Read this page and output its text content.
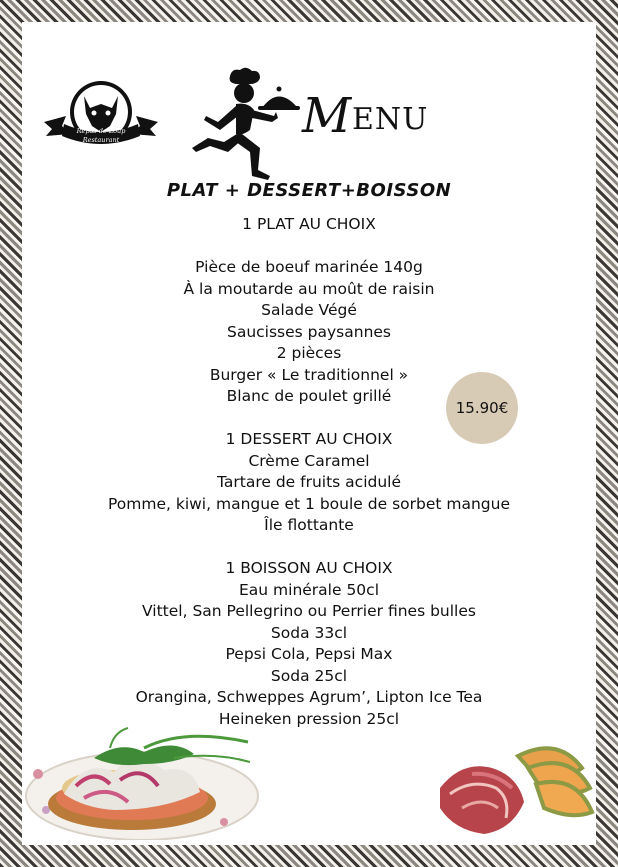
Repas de Loup
Restaurant	M ENU
PLAT + DESSERT+BOISSON
1 PLAT AU CHOIX
Pièce de boeuf marinée 140g
À la moutarde au moût de raisin
Salade Végé
Saucisses paysannes
2 pièces
Burger « Le traditionnel »
Blanc de poulet grillé
1 DESSERT AU CHOIX
Crème Caramel
Tartare de fruits acidulé
Pomme, kiwi, mangue et 1 boule de sorbet mangue
Île flottante
1 BOISSON AU CHOIX
Eau minérale 50cl
Vittel, San Pellegrino ou Perrier fines bulles
Soda 33cl
Pepsi Cola, Pepsi Max
Soda 25cl
Orangina, Schweppes Agrum’, Lipton Ice Tea
Heineken pression 25cl
15.90€
